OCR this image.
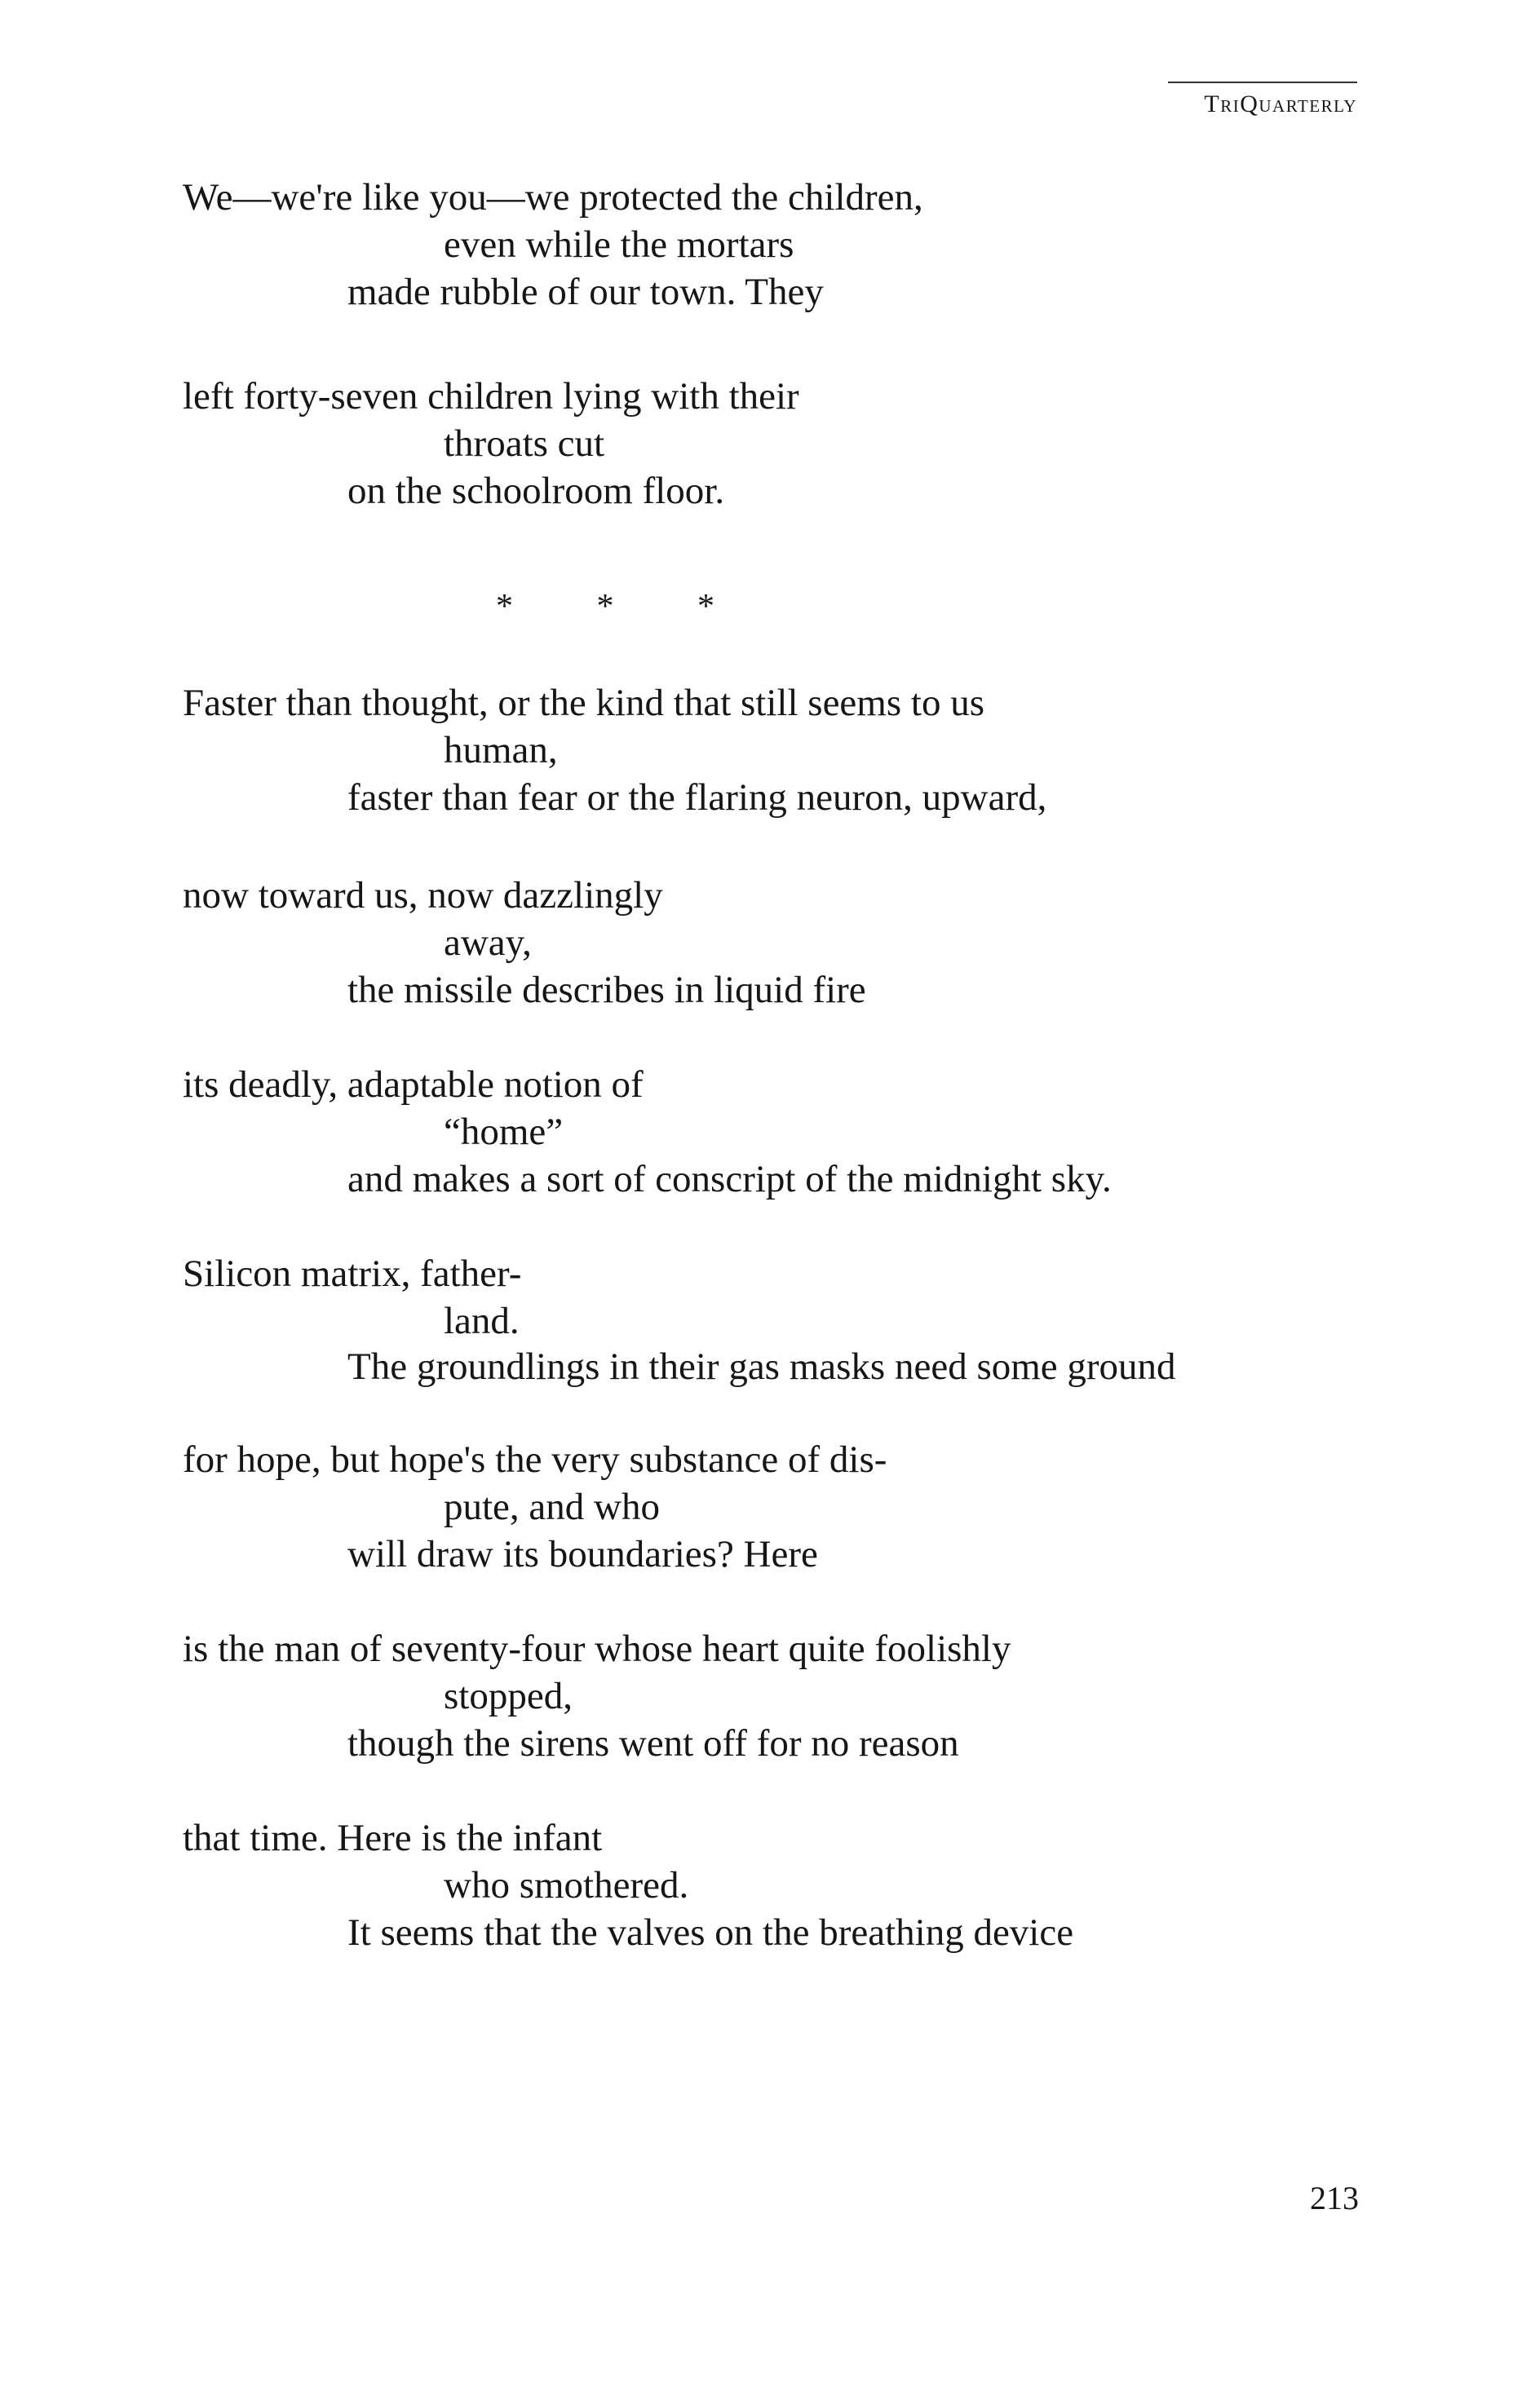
TriQuarterly
We—we're like you—we protected the children,
even while the mortars
made rubble of our town. They
left forty-seven children lying with their
throats cut
on the schoolroom floor.
* * *
Faster than thought, or the kind that still seems to us
human,
faster than fear or the flaring neuron, upward,
now toward us, now dazzlingly
away,
the missile describes in liquid fire
its deadly, adaptable notion of
“home”
and makes a sort of conscript of the midnight sky.
Silicon matrix, father-
land.
The groundlings in their gas masks need some ground
for hope, but hope's the very substance of dis-
pute, and who
will draw its boundaries? Here
is the man of seventy-four whose heart quite foolishly
stopped,
though the sirens went off for no reason
that time. Here is the infant
who smothered.
It seems that the valves on the breathing device
213
